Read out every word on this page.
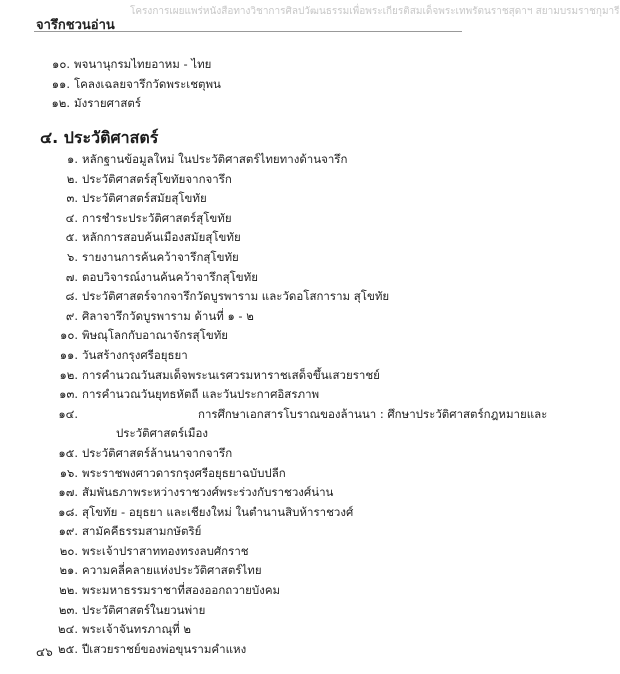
โครงการเผยแพร่หนังสือทางวิชาการศิลปวัฒนธรรมเพื่อพระเกียรติสมเด็จพระเทพรัตนราชสุดาฯ สยามบรมราชกุมารี
จารึกชวนอ่าน
๑๐. พจนานุกรมไทยอาหม - ไทย
๑๑. โคลงเฉลยจารึกวัดพระเชตุพน
๑๒. มังรายศาสตร์
๔. ประวัติศาสตร์
๑. หลักฐานข้อมูลใหม่ ในประวัติศาสตร์ไทยทางด้านจารึก
๒. ประวัติศาสตร์สุโขทัยจากจารึก
๓. ประวัติศาสตร์สมัยสุโขทัย
๔. การชำระประวัติศาสตร์สุโขทัย
๕. หลักการสอบค้นเมืองสมัยสุโขทัย
๖. รายงานการค้นคว้าจารึกสุโขทัย
๗. ตอบวิจารณ์งานค้นคว้าจารึกสุโขทัย
๘. ประวัติศาสตร์จากจารึกวัดบูรพาราม และวัดอโสการาม สุโขทัย
๙. ศิลาจารึกวัดบูรพาราม ด้านที่ ๑ - ๒
๑๐. พิษณุโลกกับอาณาจักรสุโขทัย
๑๑. วันสร้างกรุงศรีอยุธยา
๑๒. การคำนวณวันสมเด็จพระนเรศวรมหาราชเสด็จขึ้นเสวยราชย์
๑๓. การคำนวณวันยุทธหัตถี และวันประกาศอิสรภาพ
๑๔.	การศึกษาเอกสารโบราณของล้านนา : ศึกษาประวัติศาสตร์กฎหมายและประวัติศาสตร์เมือง
๑๕. ประวัติศาสตร์ล้านนาจากจารึก
๑๖. พระราชพงศาวดารกรุงศรีอยุธยาฉบับปลีก
๑๗. สัมพันธภาพระหว่างราชวงศ์พระร่วงกับราชวงศ์น่าน
๑๘. สุโขทัย - อยุธยา และเชียงใหม่ ในตำนานสิบห้าราชวงศ์
๑๙. สามัคคีธรรมสามกษัตริย์
๒๐. พระเจ้าปราสาททองทรงลบศักราช
๒๑. ความคลี่คลายแห่งประวัติศาสตร์ไทย
๒๒. พระมหาธรรมราชาที่สองออกถวายบังคม
๒๓. ประวัติศาสตร์ในยวนพ่าย
๒๔. พระเจ้าจันทรภาณุที่ ๒
๒๕. ปีเสวยราชย์ของพ่อขุนรามคำแหง
๔๖
